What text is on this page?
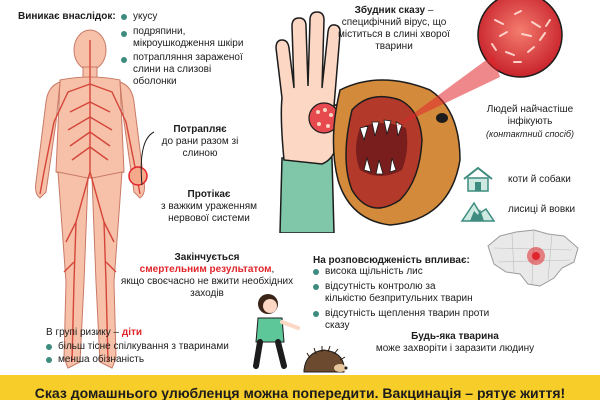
Виникає внаслідок: укусу
подряпини, мікроушкодження шкіри
потрапляння зараженої слини на слизові оболонки
Збудник сказу – специфічний вірус, що міститься в слині хворої тварини
Потрапляє
до рани разом зі слиною
Протікає
з важким ураженням нервової системи
Закінчується
смертельним результатом,
якщо своєчасно не вжити необхідних заходів
Людей найчастіше інфікують
(контактний спосіб)
коти й собаки
лисиці й вовки
На розповсюдженість впливає:
висока щільність лис
відсутність контролю за кількістю безпритульних тварин
відсутність щеплення тварин проти сказу
В групі ризику – діти
більш тісне спілкування з тваринами
менша обізнаність
Будь-яка тварина
може захворіти і заразити людину
Сказ домашнього улюбленця можна попередити. Вакцинація – рятує життя!
